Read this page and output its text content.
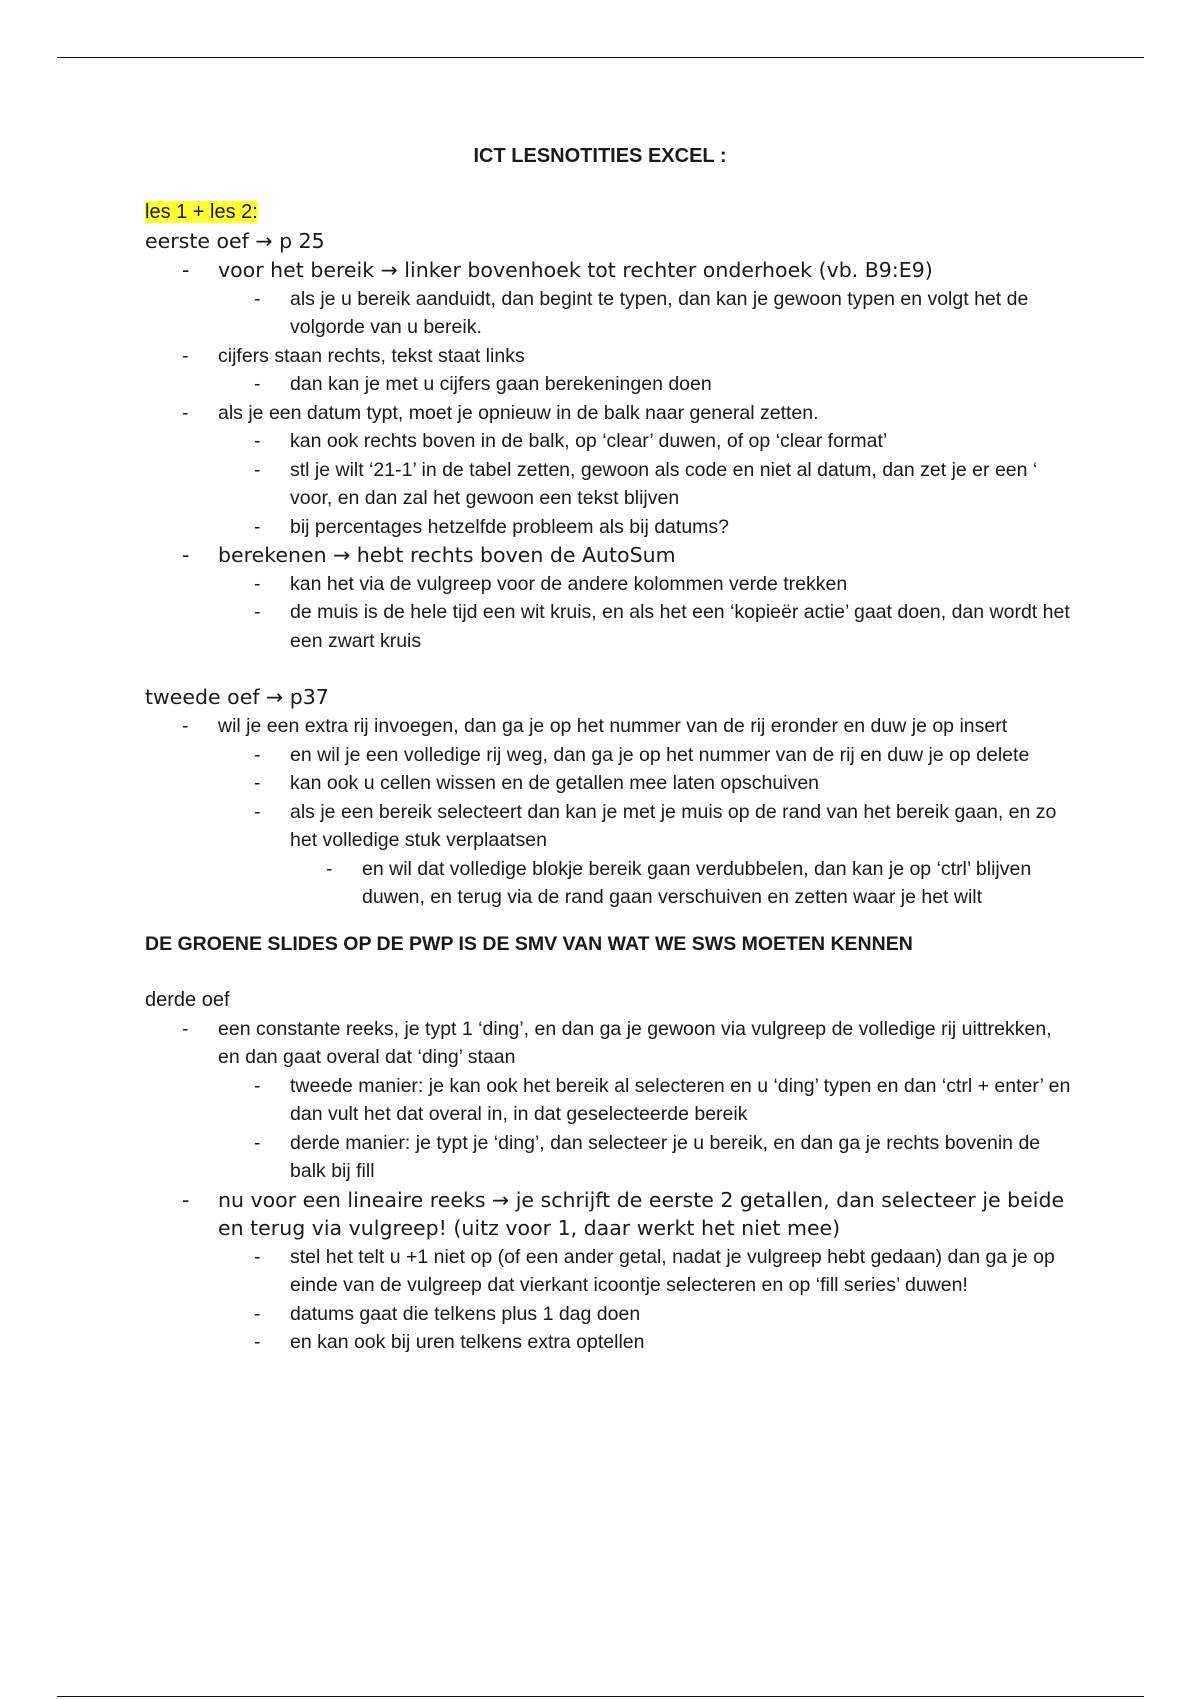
ICT LESNOTITIES EXCEL :
les 1 + les 2:
eerste oef → p 25
- voor het bereik → linker bovenhoek tot rechter onderhoek (vb. B9:E9)
- als je u bereik aanduidt, dan begint te typen, dan kan je gewoon typen en volgt het de volgorde van u bereik.
- cijfers staan rechts, tekst staat links
- dan kan je met u cijfers gaan berekeningen doen
- als je een datum typt, moet je opnieuw in de balk naar general zetten.
- kan ook rechts boven in de balk, op ‘clear’ duwen, of op ‘clear format’
- stl je wilt ‘21-1’ in de tabel zetten, gewoon als code en niet al datum, dan zet je er een ‘ voor, en dan zal het gewoon een tekst blijven
- bij percentages hetzelfde probleem als bij datums?
- berekenen → hebt rechts boven de AutoSum
- kan het via de vulgreep voor de andere kolommen verde trekken
- de muis is de hele tijd een wit kruis, en als het een ‘kopieër actie’ gaat doen, dan wordt het een zwart kruis
tweede oef → p37
- wil je een extra rij invoegen, dan ga je op het nummer van de rij eronder en duw je op insert
- en wil je een volledige rij weg, dan ga je op het nummer van de rij en duw je op delete
- kan ook u cellen wissen en de getallen mee laten opschuiven
- als je een bereik selecteert dan kan je met je muis op de rand van het bereik gaan, en zo het volledige stuk verplaatsen
- en wil dat volledige blokje bereik gaan verdubbelen, dan kan je op ‘ctrl’ blijven duwen, en terug via de rand gaan verschuiven en zetten waar je het wilt
DE GROENE SLIDES OP DE PWP IS DE SMV VAN WAT WE SWS MOETEN KENNEN
derde oef
- een constante reeks, je typt 1 ‘ding’, en dan ga je gewoon via vulgreep de volledige rij uittrekken, en dan gaat overal dat ‘ding’ staan
- tweede manier: je kan ook het bereik al selecteren en u ‘ding’ typen en dan ‘ctrl + enter’ en dan vult het dat overal in, in dat geselecteerde bereik
- derde manier: je typt je ‘ding’, dan selecteer je u bereik, en dan ga je rechts bovenin de balk bij fill
- nu voor een lineaire reeks → je schrijft de eerste 2 getallen, dan selecteer je beide en terug via vulgreep! (uitz voor 1, daar werkt het niet mee)
- stel het telt u +1 niet op (of een ander getal, nadat je vulgreep hebt gedaan) dan ga je op einde van de vulgreep dat vierkant icoontje selecteren en op ‘fill series’ duwen!
- datums gaat die telkens plus 1 dag doen
- en kan ook bij uren telkens extra optellen
